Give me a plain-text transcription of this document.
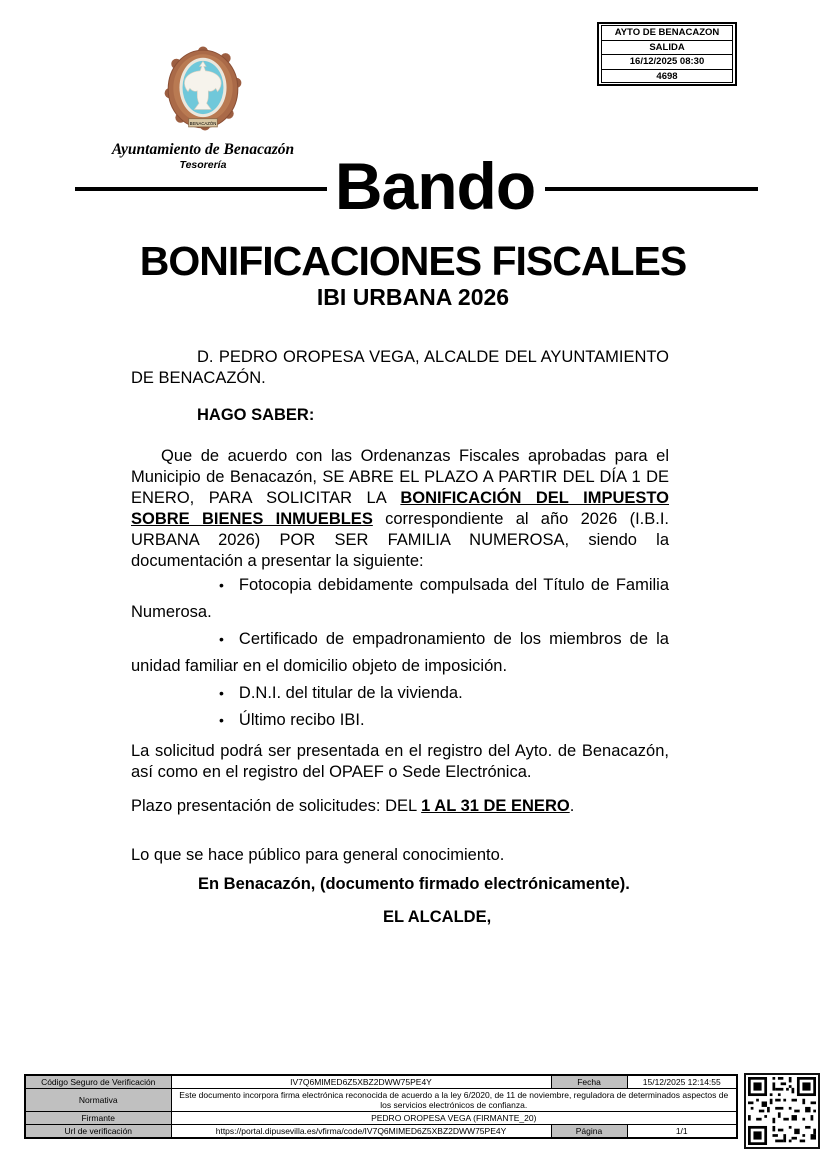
AYTO DE BENACAZON
SALIDA
16/12/2025 08:30
4698
BENACAZÓN
Ayuntamiento de Benacazón
Tesorería	Bando
BONIFICACIONES FISCALES
IBI URBANA 2026

D. PEDRO OROPESA VEGA, ALCALDE DEL AYUNTAMIENTO DE BENACAZÓN.

HAGO SABER:

Que de acuerdo con las Ordenanzas Fiscales aprobadas para el Municipio de Benacazón, SE ABRE EL PLAZO A PARTIR DEL DÍA 1 DE ENERO, PARA SOLICITAR LA BONIFICACIÓN DEL IMPUESTO SOBRE BIENES INMUEBLES correspondiente al año 2026 (I.B.I. URBANA 2026) POR SER FAMILIA NUMEROSA, siendo la documentación a presentar la siguiente:

• Fotocopia debidamente compulsada del Título de Familia Numerosa.

• Certificado de empadronamiento de los miembros de la unidad familiar en el domicilio objeto de imposición.

• D.N.I. del titular de la vivienda.

• Último recibo IBI.

La solicitud podrá ser presentada en el registro del Ayto. de Benacazón, así como en el registro del OPAEF o Sede Electrónica.

Plazo presentación de solicitudes: DEL 1 AL 31 DE ENERO.

Lo que se hace público para general conocimiento.

En Benacazón, (documento firmado electrónicamente).

EL ALCALDE,

Código Seguro de Verificación	IV7Q6MIMED6Z5XBZ2DWW75PE4Y	Fecha	15/12/2025 12:14:55
Normativa	Este documento incorpora firma electrónica reconocida de acuerdo a la ley 6/2020, de 11 de noviembre, reguladora de determinados aspectos de los servicios electrónicos de confianza.		
Firmante	PEDRO OROPESA VEGA (FIRMANTE_20)		
Url de verificación	https://portal.dipusevilla.es/vfirma/code/IV7Q6MIMED6Z5XBZ2DWW75PE4Y	Página	1/1
